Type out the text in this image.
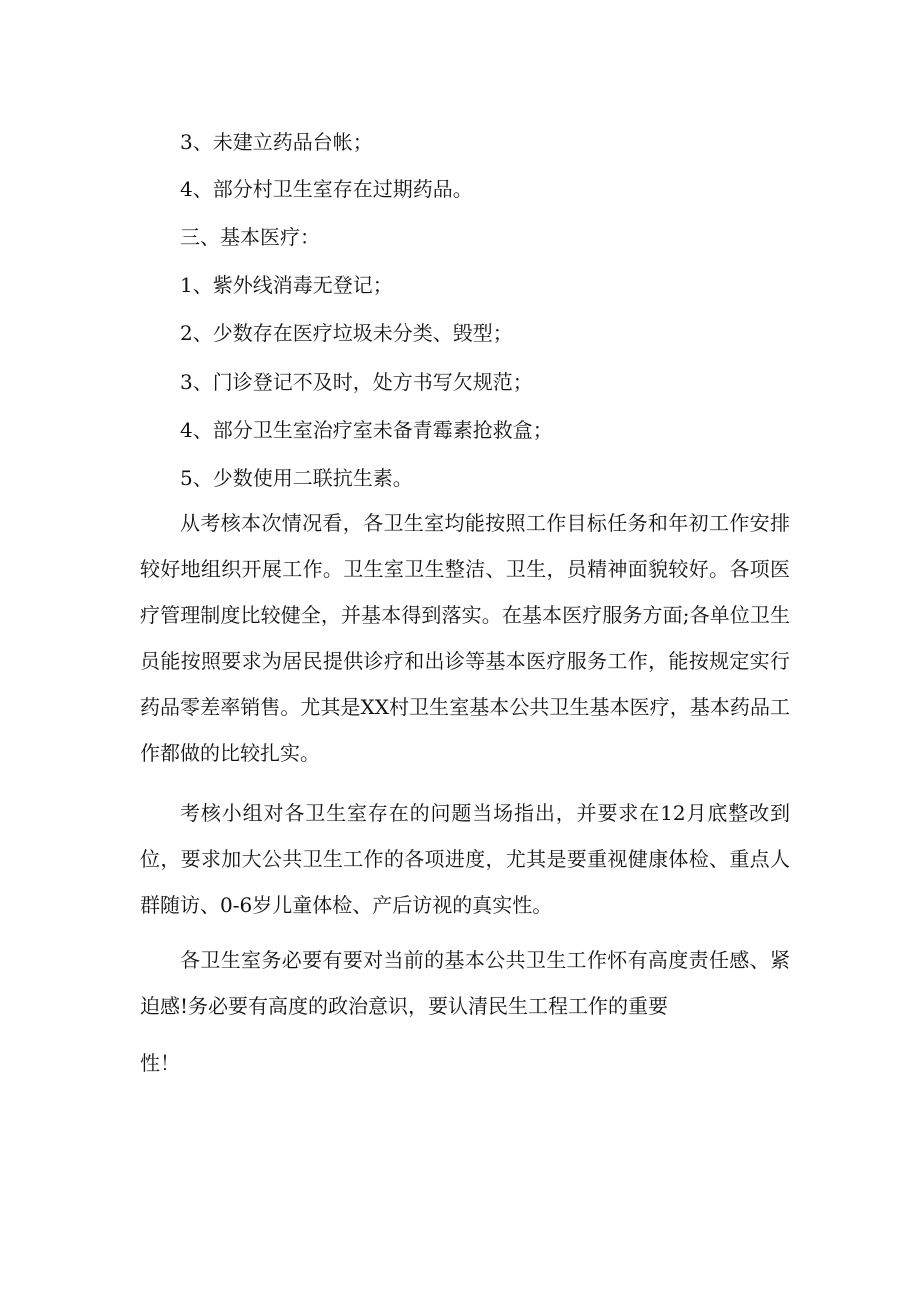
3、未建立药品台帐；

4、部分村卫生室存在过期药品。

三、基本医疗：

1、紫外线消毒无登记；

2、少数存在医疗垃圾未分类、毁型；

3、门诊登记不及时，处方书写欠规范；

4、部分卫生室治疗室未备青霉素抢救盒；

5、少数使用二联抗生素。

从考核本次情况看，各卫生室均能按照工作目标任务和年初工作安排较好地组织开展工作。卫生室卫生整洁、卫生，员精神面貌较好。各项医疗管理制度比较健全，并基本得到落实。在基本医疗服务方面;各单位卫生员能按照要求为居民提供诊疗和出诊等基本医疗服务工作，能按规定实行药品零差率销售。尤其是XX村卫生室基本公共卫生基本医疗，基本药品工作都做的比较扎实。

考核小组对各卫生室存在的问题当场指出，并要求在12月底整改到位，要求加大公共卫生工作的各项进度，尤其是要重视健康体检、重点人群随访、0-6岁儿童体检、产后访视的真实性。

各卫生室务必要有要对当前的基本公共卫生工作怀有高度责任感、紧迫感!务必要有高度的政治意识，要认清民生工程工作的重要

性！
